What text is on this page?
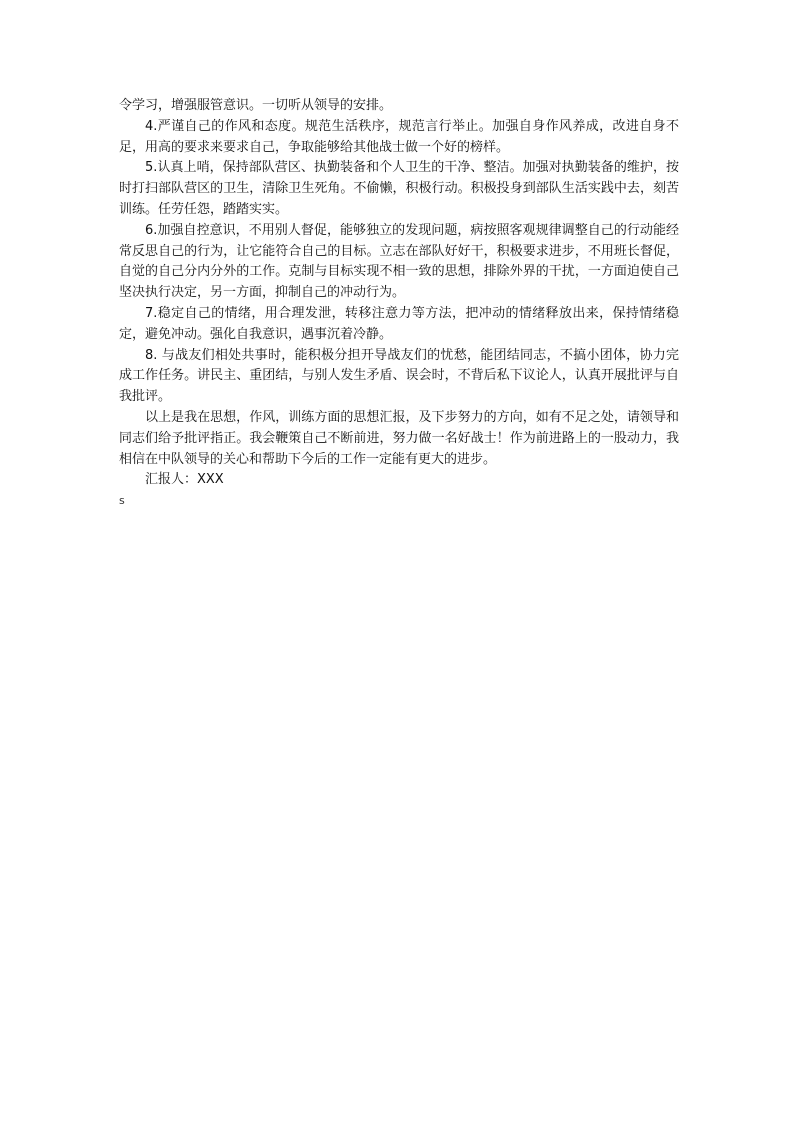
令学习，增强服管意识。一切听从领导的安排。

4.严谨自己的作风和态度。规范生活秩序，规范言行举止。加强自身作风养成，改进自身不足，用高的要求来要求自己，争取能够给其他战士做一个好的榜样。

5.认真上哨，保持部队营区、执勤装备和个人卫生的干净、整洁。加强对执勤装备的维护，按时打扫部队营区的卫生，清除卫生死角。不偷懒，积极行动。积极投身到部队生活实践中去，刻苦训练。任劳任怨，踏踏实实。

6.加强自控意识，不用别人督促，能够独立的发现问题，病按照客观规律调整自己的行动能经常反思自己的行为，让它能符合自己的目标。立志在部队好好干，积极要求进步，不用班长督促，自觉的自己分内分外的工作。克制与目标实现不相一致的思想，排除外界的干扰，一方面迫使自己坚决执行决定，另一方面，抑制自己的冲动行为。

7.稳定自己的情绪，用合理发泄，转移注意力等方法，把冲动的情绪释放出来，保持情绪稳定，避免冲动。强化自我意识，遇事沉着冷静。

8. 与战友们相处共事时，能积极分担开导战友们的忧愁，能团结同志，不搞小团体，协力完成工作任务。讲民主、重团结，与别人发生矛盾、误会时，不背后私下议论人，认真开展批评与自我批评。

以上是我在思想，作风，训练方面的思想汇报，及下步努力的方向，如有不足之处，请领导和同志们给予批评指正。我会鞭策自己不断前进，努力做一名好战士！作为前进路上的一股动力，我相信在中队领导的关心和帮助下今后的工作一定能有更大的进步。

汇报人：XXX

s
